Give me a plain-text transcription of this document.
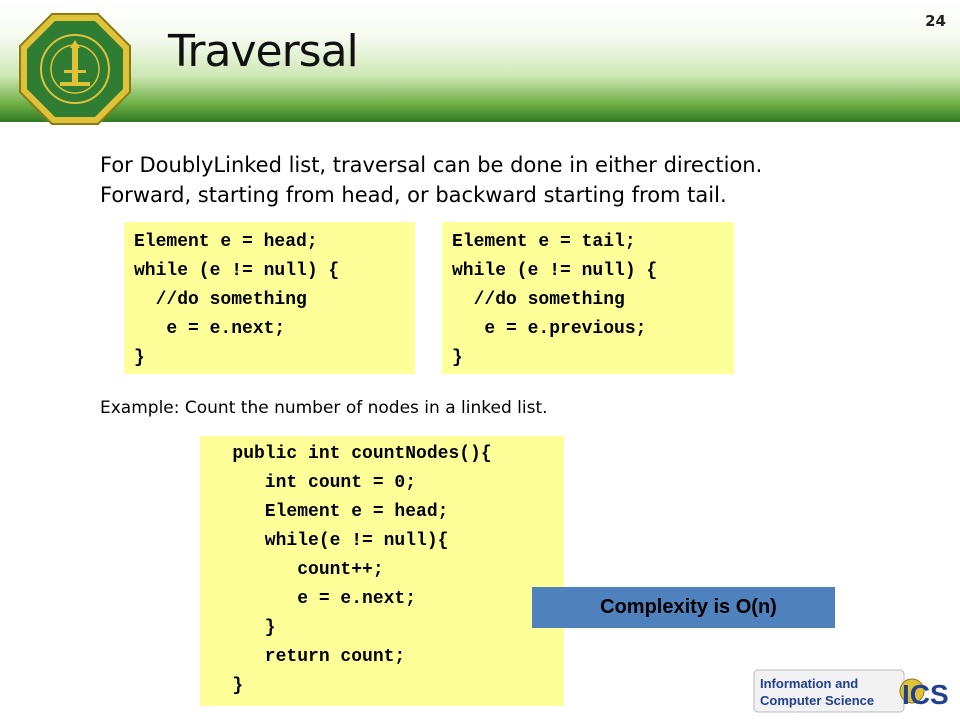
Traversal
24
For DoublyLinked list, traversal can be done in either direction.
Forward, starting from head, or backward starting from tail.
Element e = head;
while (e != null) {
//do something
e = e.next;
}
Element e = tail;
while (e != null) {
//do something
e = e.previous;
}
Example: Count the number of nodes in a linked list.
public int countNodes(){
int count = 0;
Element e = head;
while(e != null){
count++;
e = e.next;
}
return count;
}
Complexity is O(n)
Information and
Computer Science ICS
